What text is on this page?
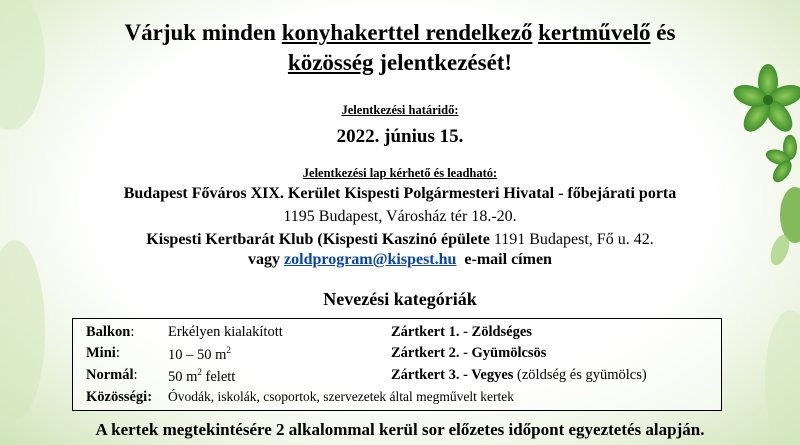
Várjuk minden konyhakerttel rendelkező kertművelő és
közösség jelentkezését!
Jelentkezési határidő:
2022. június 15.
Jelentkezési lap kérhető és leadható:
Budapest Főváros XIX. Kerület Kispesti Polgármesteri Hivatal - főbejárati porta
1195 Budapest, Városház tér 18.-20.
Kispesti Kertbarát Klub (Kispesti Kaszinó épülete 1191 Budapest, Fő u. 42.
vagy zoldprogram@kispest.hu  e-mail címen
Nevezési kategóriák
Balkon: Erkélyen kialakított	Zártkert 1. - Zöldséges
Mini:	10 – 50 $m^2$	Zártkert 2. - Gyümölcsös
Normál: 50 $m^2$ felett	Zártkert 3. - Vegyes (zöldség és gyümölcs)
Közösségi: Óvodák, iskolák, csoportok, szervezetek által megművelt kertek
A kertek megtekintésére 2 alkalommal kerül sor előzetes időpont egyeztetés alapján.
